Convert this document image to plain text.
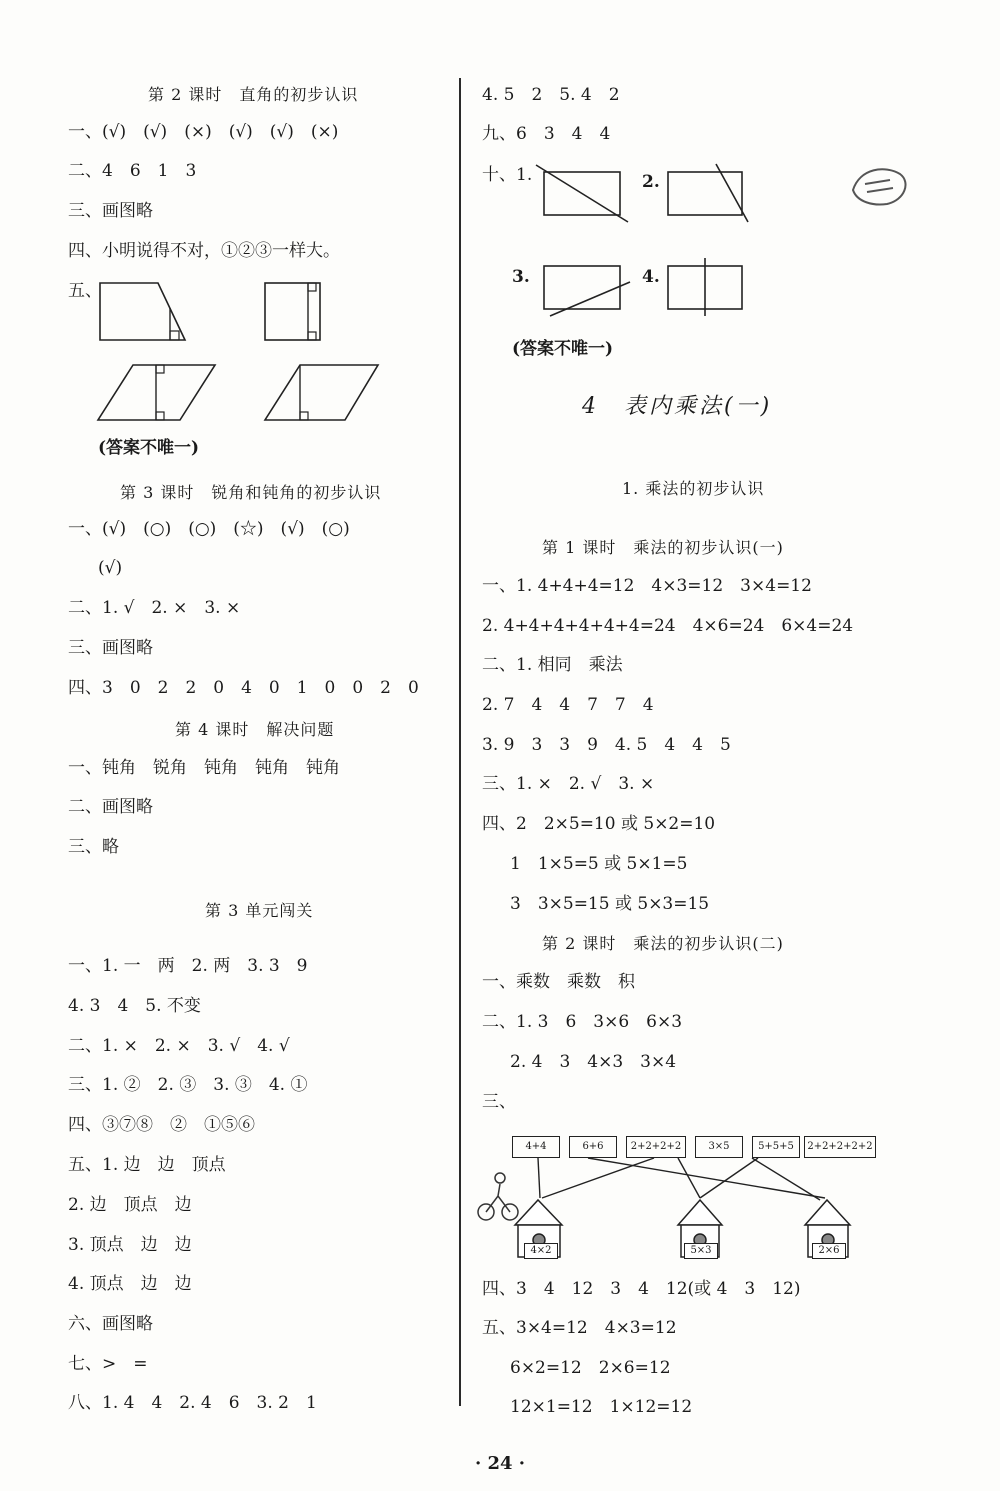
第 2 课时　直角的初步认识
一、(√)　(√)　(×)　(√)　(√)　(×)
二、4　6　1　3
三、画图略
四、小明说得不对，①②③一样大。
五、
(答案不唯一)
第 3 课时　锐角和钝角的初步认识
一、(√)　(○)　(○)　(☆)　(√)　(○)
(√)
二、1. √　2. ×　3. ×
三、画图略
四、3　0　2　2　0　4　0　1　0　0　2　0
第 4 课时　解决问题
一、钝角　锐角　钝角　钝角　钝角
二、画图略
三、略
第 3 单元闯关
一、1. 一　两　2. 两　3. 3　9
4. 3　4　5. 不变
二、1. ×　2. ×　3. √　4. √
三、1. ②　2. ③　3. ③　4. ①
四、③⑦⑧　②　①⑤⑥
五、1. 边　边　顶点
2. 边　顶点　边
3. 顶点　边　边
4. 顶点　边　边
六、画图略
七、>　=
八、1. 4　4　2. 4　6　3. 2　1
4. 5　2　5. 4　2
九、6　3　4　4
十、1.	2.
3.	4.
(答案不唯一)
4　表内乘法(一)
1. 乘法的初步认识
第 1 课时　乘法的初步认识(一)
一、1. 4+4+4=12　4×3=12　3×4=12
2. 4+4+4+4+4+4=24　4×6=24　6×4=24
二、1. 相同　乘法
2. 7　4　4　7　7　4
3. 9　3　3　9　4. 5　4　4　5
三、1. ×　2. √　3. ×
四、2　2×5=10 或 5×2=10
1　1×5=5 或 5×1=5
3　3×5=15 或 5×3=15
第 2 课时　乘法的初步认识(二)
一、乘数　乘数　积
二、1. 3　6　3×6　6×3
2. 4　3　4×3　3×4
三、
4+4	6+6	2+2+2+2	3×5	5+5+5	2+2+2+2+2
4×2	5×3	2×6
四、3　4　12　3　4　12(或 4　3　12)
五、3×4=12　4×3=12
6×2=12　2×6=12
12×1=12　1×12=12
· 24 ·
